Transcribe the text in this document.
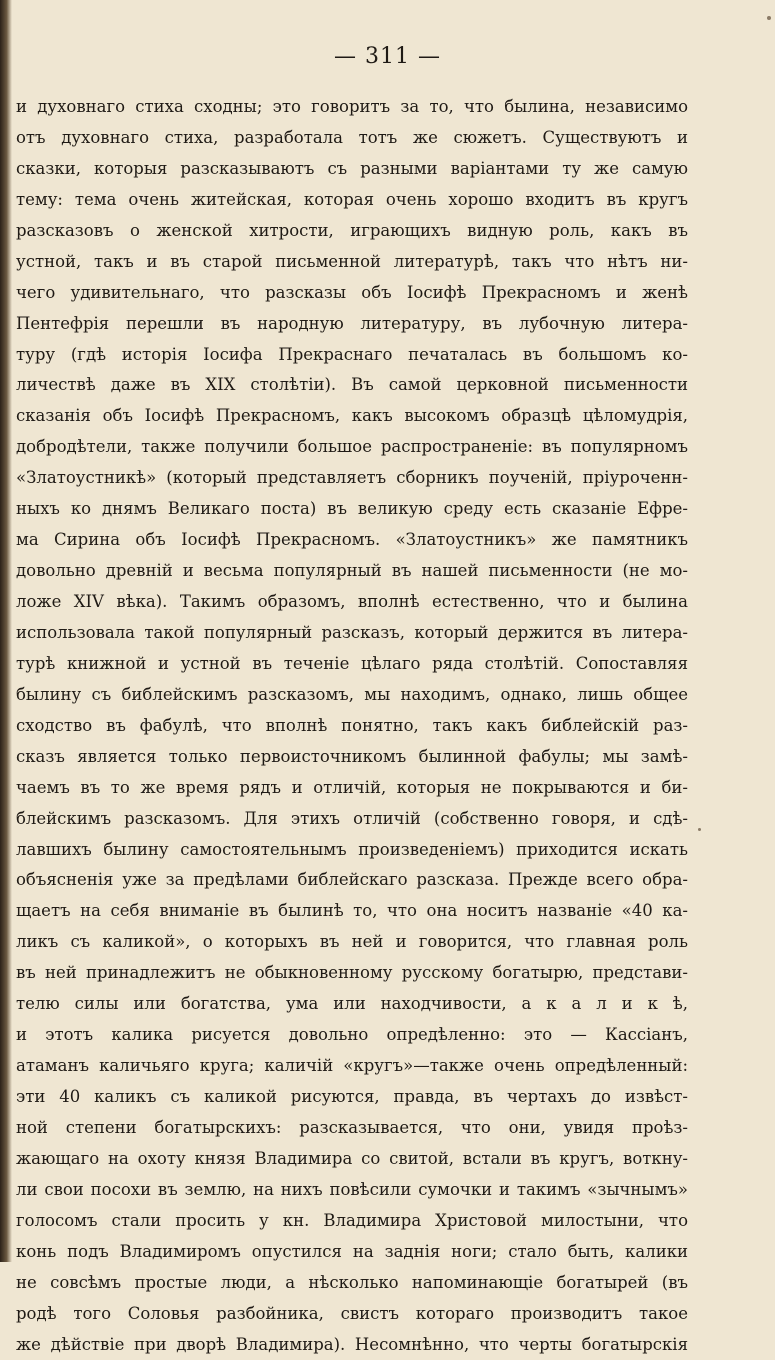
— 311 —
и духовнаго стиха сходны; это говоритъ за то, что былина, независимо
отъ духовнаго стиха, разработала тотъ же сюжетъ. Существуютъ и
сказки, которыя разсказываютъ съ разными варіантами ту же самую
тему: тема очень житейская, которая очень хорошо входитъ въ кругъ
разсказовъ о женской хитрости, играющихъ видную роль, какъ въ
устной, такъ и въ старой письменной литературѣ, такъ что нѣтъ ни-
чего удивительнаго, что разсказы объ Іосифѣ Прекрасномъ и женѣ
Пентефрія перешли въ народную литературу, въ лубочную литера-
туру (гдѣ исторія Іосифа Прекраснаго печаталась въ большомъ ко-
личествѣ даже въ XIX столѣтіи). Въ самой церковной письменности
сказанія объ Іосифѣ Прекрасномъ, какъ высокомъ образцѣ цѣломудрія,
добродѣтели, также получили большое распространеніе: въ популярномъ
«Златоустникѣ» (который представляетъ сборникъ поученій, пріуроченн-
ныхъ ко днямъ Великаго поста) въ великую среду есть сказаніе Ефре-
ма Сирина объ Іосифѣ Прекрасномъ. «Златоустникъ» же памятникъ
довольно древній и весьма популярный въ нашей письменности (не мо-
ложе XIV вѣка). Такимъ образомъ, вполнѣ естественно, что и былина
использовала такой популярный разсказъ, который держится въ литера-
турѣ книжной и устной въ теченіе цѣлаго ряда столѣтій. Сопоставляя
былину съ библейскимъ разсказомъ, мы находимъ, однако, лишь общее
сходство въ фабулѣ, что вполнѣ понятно, такъ какъ библейскій раз-
сказъ является только первоисточникомъ былинной фабулы; мы замѣ-
чаемъ въ то же время рядъ и отличій, которыя не покрываются и би-
блейскимъ разсказомъ. Для этихъ отличій (собственно говоря, и сдѣ-
лавшихъ былину самостоятельнымъ произведеніемъ) приходится искать
объясненія уже за предѣлами библейскаго разсказа. Прежде всего обра-
щаетъ на себя вниманіе въ былинѣ то, что она носитъ названіе «40 ка-
ликъ съ каликой», о которыхъ въ ней и говорится, что главная роль
въ ней принадлежитъ не обыкновенному русскому богатырю, представи-
телю силы или богатства, ума или находчивости, а к а л и к ѣ,
и этотъ калика рисуется довольно опредѣленно: это — Кассіанъ,
атаманъ каличьяго круга; каличій «кругъ»—также очень опредѣленный:
эти 40 каликъ съ каликой рисуются, правда, въ чертахъ до извѣст-
ной степени богатырскихъ: разсказывается, что они, увидя проѣз-
жающаго на охоту князя Владимира со свитой, встали въ кругъ, воткну-
ли свои посохи въ землю, на нихъ повѣсили сумочки и такимъ «зычнымъ»
голосомъ стали просить у кн. Владимира Христовой милостыни, что
конь подъ Владимиромъ опустился на заднія ноги; стало быть, калики
не совсѣмъ простые люди, а нѣсколько напоминающіе богатырей (въ
родѣ того Соловья разбойника, свистъ котораго производитъ такое
же дѣйствіе при дворѣ Владимира). Несомнѣнно, что черты богатырскія
